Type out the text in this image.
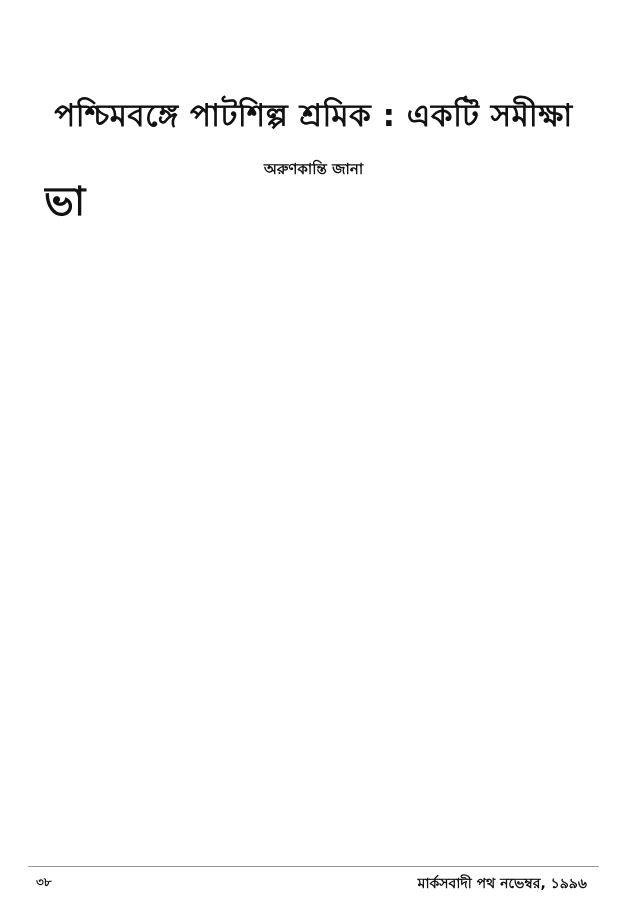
পশ্চিমবঙ্গে পাটশিল্প শ্রমিক : একটি সমীক্ষা
অরুণকান্তি জানা

ভা

৩৮	মার্কসবাদী পথ নভেম্বর, ১৯৯৬
